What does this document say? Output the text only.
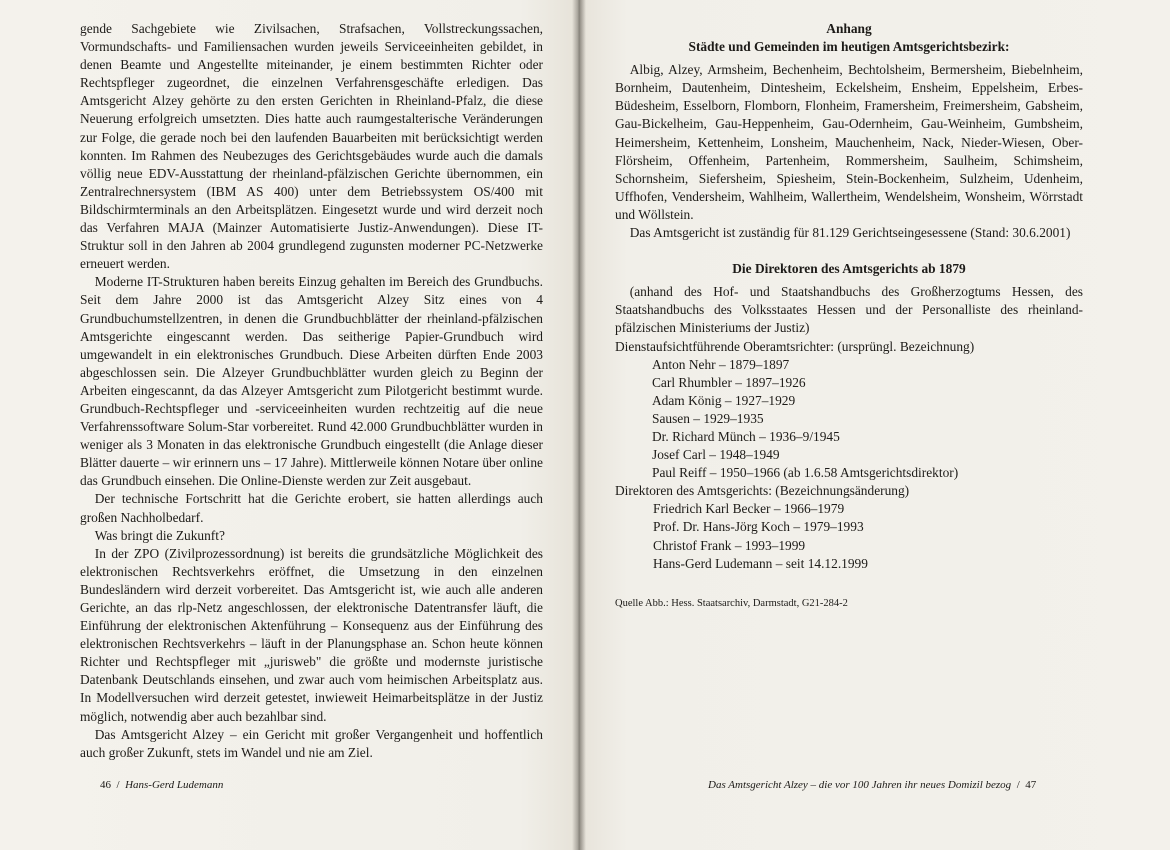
gende Sachgebiete wie Zivilsachen, Strafsachen, Vollstreckungssachen, Vormundschafts- und Familiensachen wurden jeweils Serviceeinheiten gebildet, in denen Beamte und Angestellte miteinander, je einem bestimmten Richter oder Rechtspfleger zugeordnet, die einzelnen Verfahrensgeschäfte erledigen. Das Amtsgericht Alzey gehörte zu den ersten Gerichten in Rheinland-Pfalz, die diese Neuerung erfolgreich umsetzten. Dies hatte auch raumgestalterische Veränderungen zur Folge, die gerade noch bei den laufenden Bauarbeiten mit berücksichtigt werden konnten. Im Rahmen des Neubezuges des Gerichtsgebäudes wurde auch die damals völlig neue EDV-Ausstattung der rheinland-pfälzischen Gerichte übernommen, ein Zentralrechnersystem (IBM AS 400) unter dem Betriebssystem OS/400 mit Bildschirmterminals an den Arbeitsplätzen. Eingesetzt wurde und wird derzeit noch das Verfahren MAJA (Mainzer Automatisierte Justiz-Anwendungen). Diese IT-Struktur soll in den Jahren ab 2004 grundlegend zugunsten moderner PC-Netzwerke erneuert werden.

Moderne IT-Strukturen haben bereits Einzug gehalten im Bereich des Grundbuchs. Seit dem Jahre 2000 ist das Amtsgericht Alzey Sitz eines von 4 Grundbuchumstellzentren, in denen die Grundbuchblätter der rheinland-pfälzischen Amtsgerichte eingescannt werden. Das seitherige Papier-Grundbuch wird umgewandelt in ein elektronisches Grundbuch. Diese Arbeiten dürften Ende 2003 abgeschlossen sein. Die Alzeyer Grundbuchblätter wurden gleich zu Beginn der Arbeiten eingescannt, da das Alzeyer Amtsgericht zum Pilotgericht bestimmt wurde. Grundbuch-Rechtspfleger und -serviceeinheiten wurden rechtzeitig auf die neue Verfahrenssoftware Solum-Star vorbereitet. Rund 42.000 Grundbuchblätter wurden in weniger als 3 Monaten in das elektronische Grundbuch eingestellt (die Anlage dieser Blätter dauerte – wir erinnern uns – 17 Jahre). Mittlerweile können Notare über online das Grundbuch einsehen. Die Online-Dienste werden zur Zeit ausgebaut.

Der technische Fortschritt hat die Gerichte erobert, sie hatten allerdings auch großen Nachholbedarf.

Was bringt die Zukunft?

In der ZPO (Zivilprozessordnung) ist bereits die grundsätzliche Möglichkeit des elektronischen Rechtsverkehrs eröffnet, die Umsetzung in den einzelnen Bundesländern wird derzeit vorbereitet. Das Amtsgericht ist, wie auch alle anderen Gerichte, an das rlp-Netz angeschlossen, der elektronische Datentransfer läuft, die Einführung der elektronischen Aktenführung – Konsequenz aus der Einführung des elektronischen Rechtsverkehrs – läuft in der Planungsphase an. Schon heute können Richter und Rechtspfleger mit „jurisweb" die größte und modernste juristische Datenbank Deutschlands einsehen, und zwar auch vom heimischen Arbeitsplatz aus. In Modellversuchen wird derzeit getestet, inwieweit Heimarbeitsplätze in der Justiz möglich, notwendig aber auch bezahlbar sind.

Das Amtsgericht Alzey – ein Gericht mit großer Vergangenheit und hoffentlich auch großer Zukunft, stets im Wandel und nie am Ziel.

46 / Hans-Gerd Ludemann
Anhang
Städte und Gemeinden im heutigen Amtsgerichtsbezirk:

Albig, Alzey, Armsheim, Bechenheim, Bechtolsheim, Bermersheim, Biebelnheim, Bornheim, Dautenheim, Dintesheim, Eckelsheim, Ensheim, Eppelsheim, Erbes-Büdesheim, Esselborn, Flomborn, Flonheim, Framersheim, Freimersheim, Gabsheim, Gau-Bickelheim, Gau-Heppenheim, Gau-Odernheim, Gau-Weinheim, Gumbsheim, Heimersheim, Kettenheim, Lonsheim, Mauchenheim, Nack, Nieder-Wiesen, Ober-Flörsheim, Offenheim, Partenheim, Rommersheim, Saulheim, Schimsheim, Schornsheim, Siefersheim, Spiesheim, Stein-Bockenheim, Sulzheim, Udenheim, Uffhofen, Vendersheim, Wahlheim, Wallertheim, Wendelsheim, Wonsheim, Wörrstadt und Wöllstein.

Das Amtsgericht ist zuständig für 81.129 Gerichtseingesessene (Stand: 30.6.2001)

Die Direktoren des Amtsgerichts ab 1879

(anhand des Hof- und Staatshandbuchs des Großherzogtums Hessen, des Staatshandbuchs des Volksstaates Hessen und der Personalliste des rheinland-pfälzischen Ministeriums der Justiz)

Dienstaufsichtführende Oberamtsrichter: (ursprüngl. Bezeichnung)
Anton Nehr – 1879–1897
Carl Rhumbler – 1897–1926
Adam König – 1927–1929
Sausen – 1929–1935
Dr. Richard Münch – 1936–9/1945
Josef Carl – 1948–1949
Paul Reiff – 1950–1966 (ab 1.6.58 Amtsgerichtsdirektor)
Direktoren des Amtsgerichts: (Bezeichnungsänderung)
Friedrich Karl Becker – 1966–1979
Prof. Dr. Hans-Jörg Koch – 1979–1993
Christof Frank – 1993–1999
Hans-Gerd Ludemann – seit 14.12.1999
Quelle Abb.: Hess. Staatsarchiv, Darmstadt, G21-284-2
Das Amtsgericht Alzey – die vor 100 Jahren ihr neues Domizil bezog / 47
